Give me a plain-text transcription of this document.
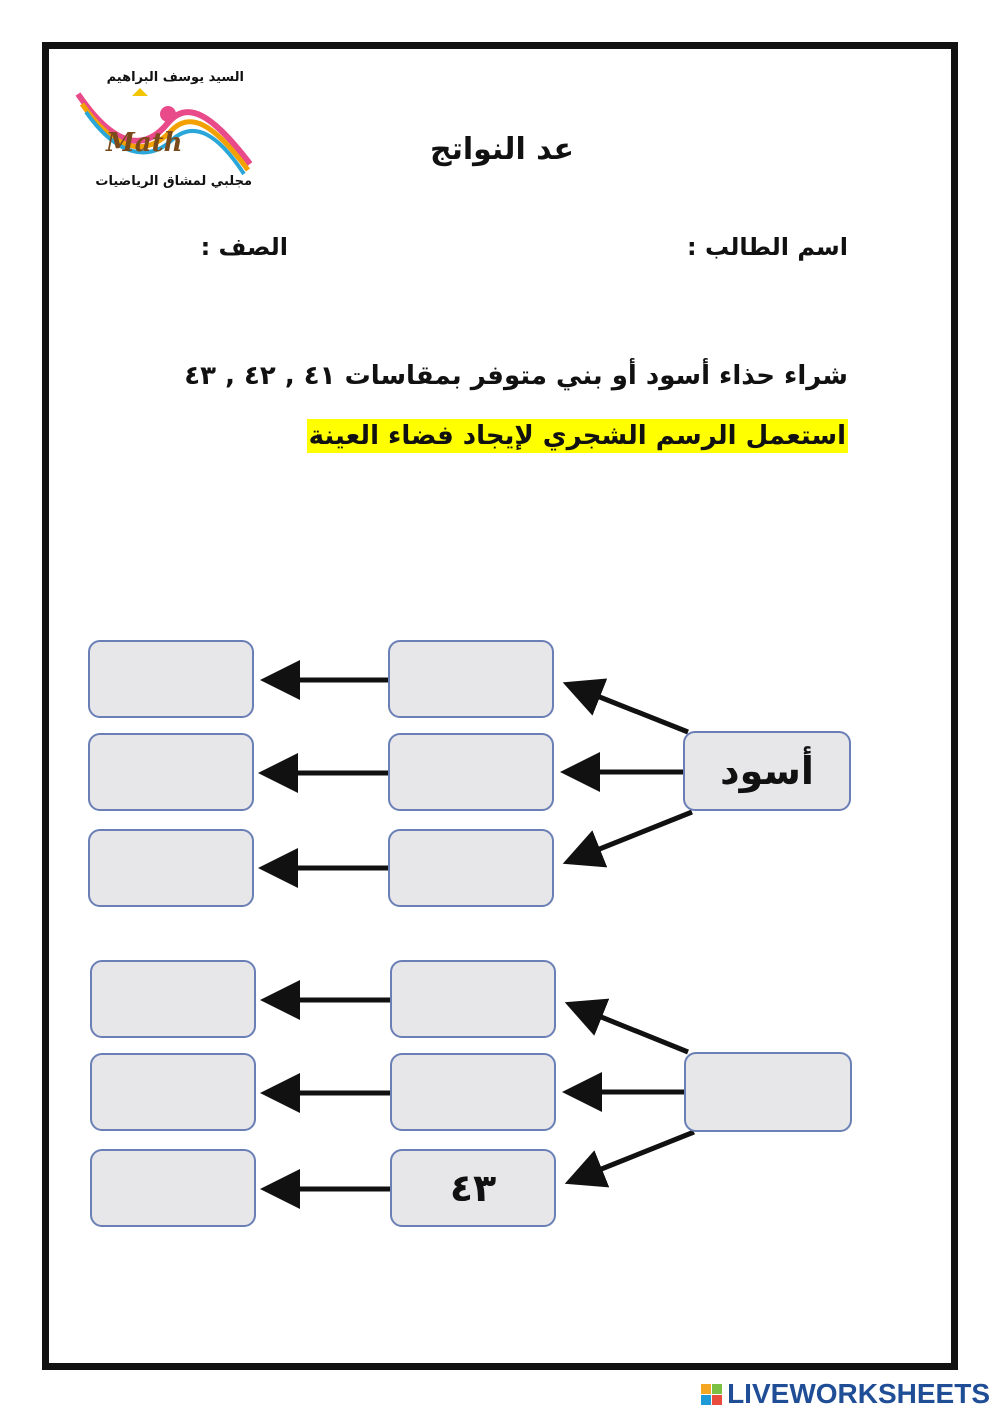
السيد يوسف البراهيم
Math
مجلبي لمشاق الرياضيات
عد النواتج
اسم الطالب :
الصف :
شراء حذاء أسود أو بني متوفر بمقاسات ٤١ , ٤٢ , ٤٣
استعمل الرسم الشجري لإيجاد فضاء العينة
أسود
٤٣
LIVEWORKSHEETS
